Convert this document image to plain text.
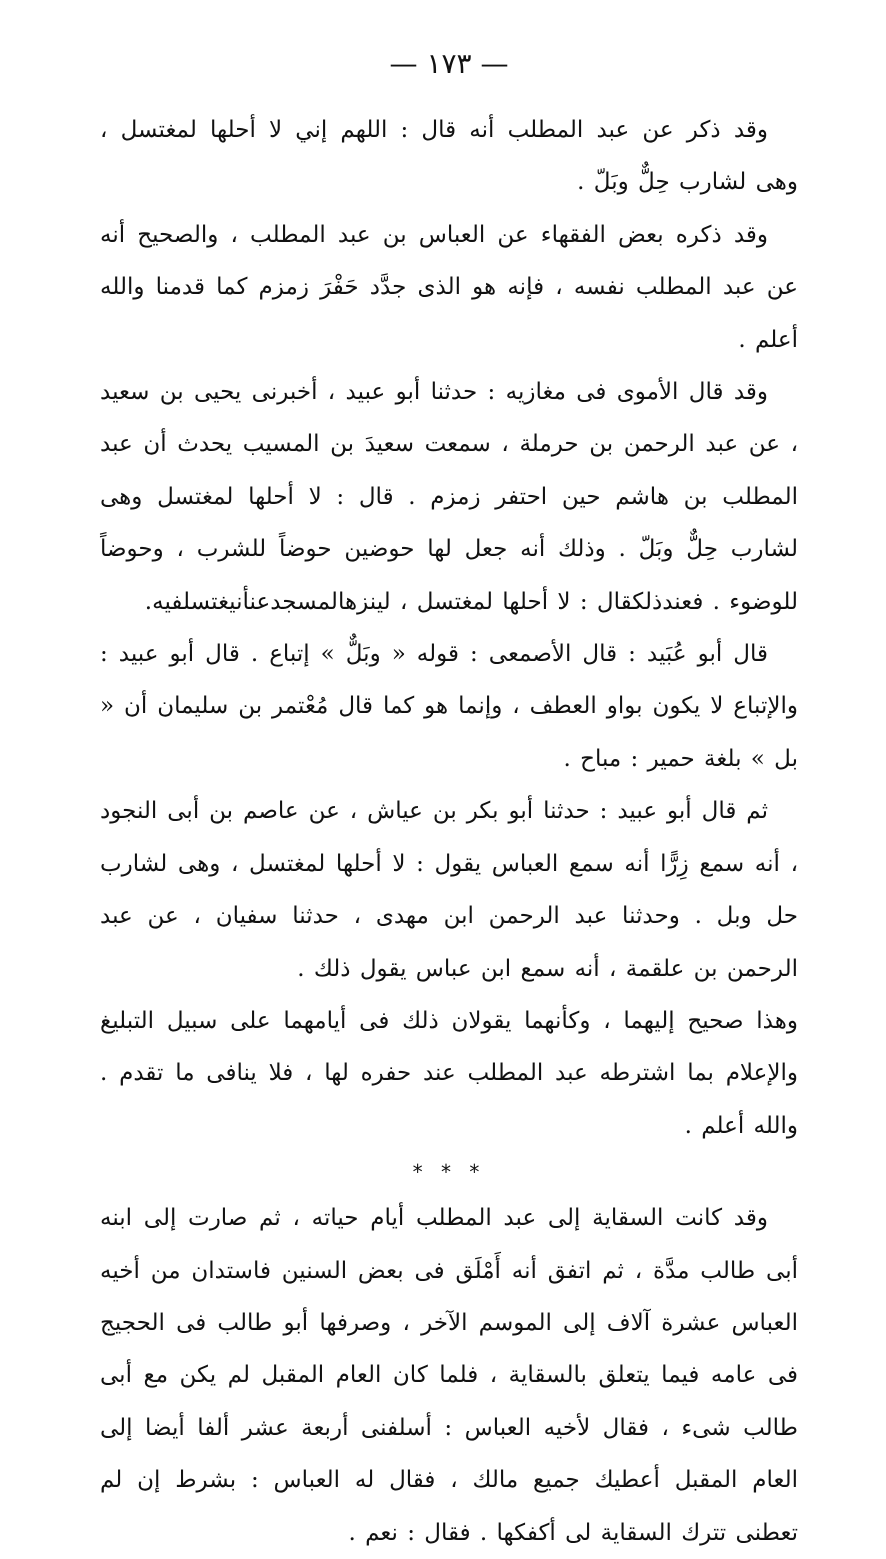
— ١٧٣ —

وقد ذكر عن عبد المطلب أنه قال : اللهم إني لا أحلها لمغتسل ، وهى لشارب حِلٌّ وبَلّ .

وقد ذكره بعض الفقهاء عن العباس بن عبد المطلب ، والصحيح أنه عن عبد المطلب نفسه ، فإنه هو الذى جدَّد حَفْرَ زمزم كما قدمنا والله أعلم .

وقد قال الأموى فى مغازيه : حدثنا أبو عبيد ، أخبرنى يحيى بن سعيد ، عن عبد الرحمن بن حرملة ، سمعت سعيدَ بن المسيب يحدث أن عبد المطلب بن هاشم حين احتفر زمزم . قال : لا أحلها لمغتسل وهى لشارب حِلٌّ وبَلّ . وذلك أنه جعل لها حوضين حوضاً للشرب ، وحوضاً للوضوء . فعندذلكقال : لا أحلها لمغتسل ، لينزهالمسجدعنأنيغتسلفيه.

قال أبو عُبَيد : قال الأصمعى : قوله « وبَلٌّ » إتباع . قال أبو عبيد : والإتباع لا يكون بواو العطف ، وإنما هو كما قال مُعْتمر بن سليمان أن « بل » بلغة حمير : مباح .

ثم قال أبو عبيد : حدثنا أبو بكر بن عياش ، عن عاصم بن أبى النجود ، أنه سمع زِرًّا أنه سمع العباس يقول : لا أحلها لمغتسل ، وهى لشارب حل وبل . وحدثنا عبد الرحمن ابن مهدى ، حدثنا سفيان ، عن عبد الرحمن بن علقمة ، أنه سمع ابن عباس يقول ذلك .

وهذا صحيح إليهما ، وكأنهما يقولان ذلك فى أيامهما على سبيل التبليغ والإعلام بما اشترطه عبد المطلب عند حفره لها ، فلا ينافى ما تقدم . والله أعلم .

* * *

وقد كانت السقاية إلى عبد المطلب أيام حياته ، ثم صارت إلى ابنه أبى طالب مدَّة ، ثم اتفق أنه أَمْلَق فى بعض السنين فاستدان من أخيه العباس عشرة آلاف إلى الموسم الآخر ، وصرفها أبو طالب فى الحجيج فى عامه فيما يتعلق بالسقاية ، فلما كان العام المقبل لم يكن مع أبى طالب شىء ، فقال لأخيه العباس : أسلفنى أربعة عشر ألفا أيضا إلى العام المقبل أعطيك جميع مالك ، فقال له العباس : بشرط إن لم تعطنى تترك السقاية لى أكفكها . فقال : نعم .
